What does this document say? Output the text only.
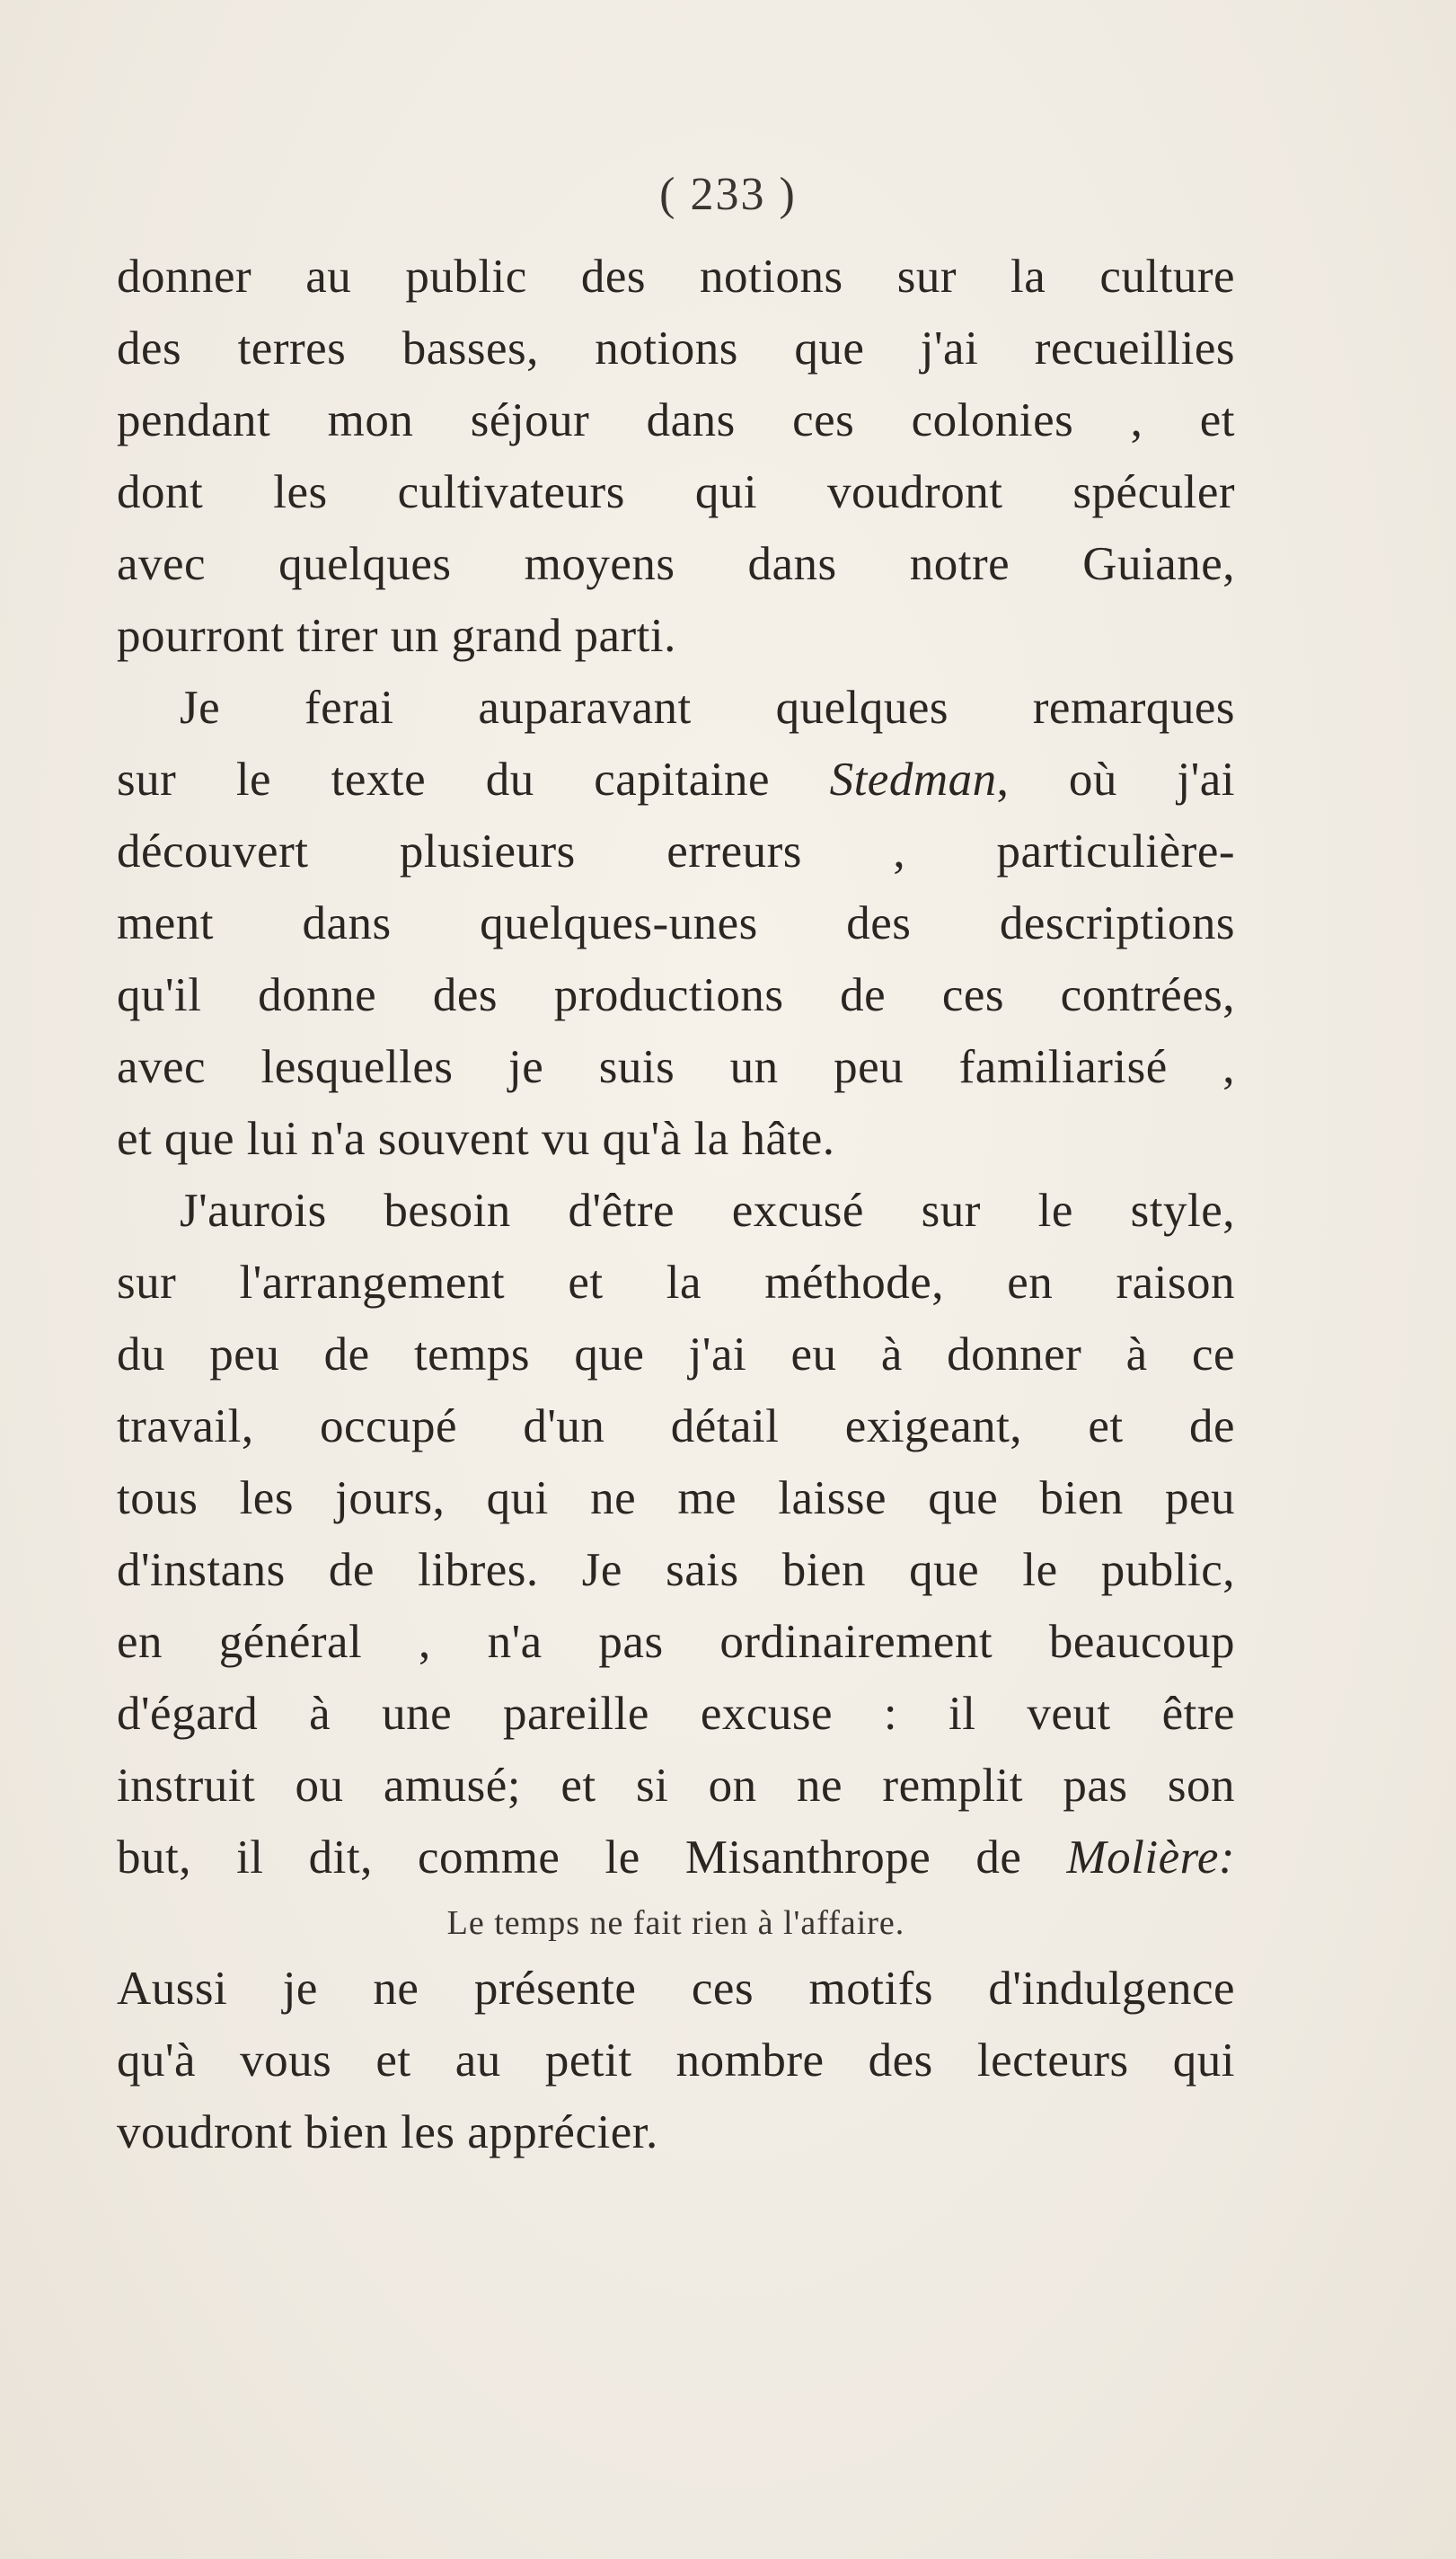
( 233 )
donner au public des notions sur la culture
des terres basses, notions que j'ai recueillies
pendant mon séjour dans ces colonies , et
dont les cultivateurs qui voudront spéculer
avec quelques moyens dans notre Guiane,
pourront tirer un grand parti.
Je ferai auparavant quelques remarques
sur le texte du capitaine Stedman, où j'ai
découvert plusieurs erreurs , particulière-
ment dans quelques-unes des descriptions
qu'il donne des productions de ces contrées,
avec lesquelles je suis un peu familiarisé ,
et que lui n'a souvent vu qu'à la hâte.
J'aurois besoin d'être excusé sur le style,
sur l'arrangement et la méthode, en raison
du peu de temps que j'ai eu à donner à ce
travail, occupé d'un détail exigeant, et de
tous les jours, qui ne me laisse que bien peu
d'instans de libres. Je sais bien que le public,
en général , n'a pas ordinairement beaucoup
d'égard à une pareille excuse : il veut être
instruit ou amusé; et si on ne remplit pas son
but, il dit, comme le Misanthrope de Molière:
Le temps ne fait rien à l'affaire.
Aussi je ne présente ces motifs d'indulgence
qu'à vous et au petit nombre des lecteurs qui
voudront bien les apprécier.
